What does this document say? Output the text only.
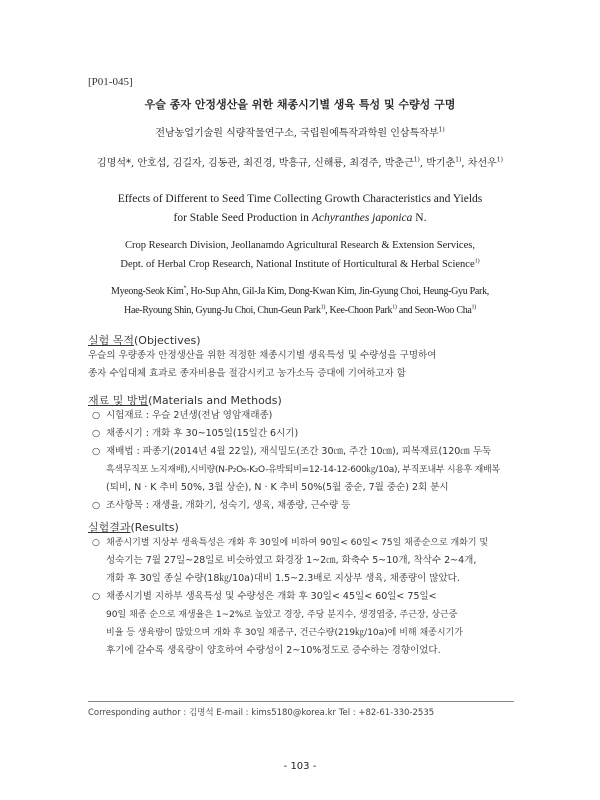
[P01-045]
우슬 종자 안정생산을 위한 채종시기별 생육 특성 및 수량성 구명
전남농업기술원 식량작물연구소, 국립원예특작과학원 인삼특작부$^{1)}$
김명석*, 안호섭, 김길자, 김동관, 최진경, 박흥규, 신해룡, 최경주, 박춘근$^{1)}$, 박기춘$^{1)}$, 차선우$^{1)}$
Effects of Different to Seed Time Collecting Growth Characteristics and Yields
for Stable Seed Production in Achyranthes japonica N.
Crop Research Division, Jeollanamdo Agricultural Research & Extension Services,
Dept. of Herbal Crop Research, National Institute of Horticultural & Herbal Science$^{1)}$
Myeong-Seok Kim*, Ho-Sup Ahn, Gil-Ja Kim, Dong-Kwan Kim, Jin-Gyung Choi, Heung-Gyu Park,
Hae-Ryoung Shin, Gyung-Ju Choi, Chun-Geun Park$^{1)}$, Kee-Choon Park$^{1)}$ and Seon-Woo Cha$^{1)}$
실험 목적(Objectives)
우슬의 우량종자 안정생산을 위한 적정한 채종시기별 생육특성 및 수량성을 구명하여
종자 수입대체 효과로 종자비용을 절감시키고 농가소득 증대에 기여하고자 함
재료 및 방법(Materials and Methods)
○ 시험재료 : 우슬 2년생(전남 영암재래종)
○ 채종시기 : 개화 후 30~105일(15일간 6시기)
○ 재배법 : 파종기(2014년 4월 22일), 재식밀도(조간 30㎝, 주간 10㎝), 피복재료(120㎝ 두둑
흑색무직포 노지재배),시비량(N-P₂O₅-K₂O-유박퇴비=12-14-12-600㎏/10a), 부직포내부 시용후 재배복
(퇴비, N · K 추비 50%, 3월 상순), N · K 추비 50%(5월 중순, 7월 중순) 2회 분시
○ 조사항목 : 재생율, 개화기, 성숙기, 생육, 채종량, 근수량 등
실험결과(Results)
○ 채종시기별 지상부 생육특성은 개화 후 30일에 비하여 90일< 60일< 75일 채종순으로 개화기 및
성숙기는 7월 27일~28일로 비슷하였고 화경장 1~2㎝, 화축수 5~10개, 착삭수 2~4개,
개화 후 30일 종실 수량(18㎏/10a)대비 1.5~2.3배로 지상부 생육, 채종량이 많았다.
○ 채종시기별 지하부 생육특성 및 수량성은 개화 후 30일< 45일< 60일< 75일<
90일 채종 순으로 재생율은 1~2%로 높았고 경장, 주당 분지수, 생경엽중, 주근장, 상근중
비율 등 생육량이 많았으며 개화 후 30일 채종구, 건근수량(219㎏/10a)에 비해 채종시기가
후기에 갈수록 생육량이 양호하여 수량성이 2~10%정도로 증수하는 경향이었다.
Corresponding author : 김명석 E-mail : kims5180@korea.kr Tel : +82-61-330-2535
- 103 -
